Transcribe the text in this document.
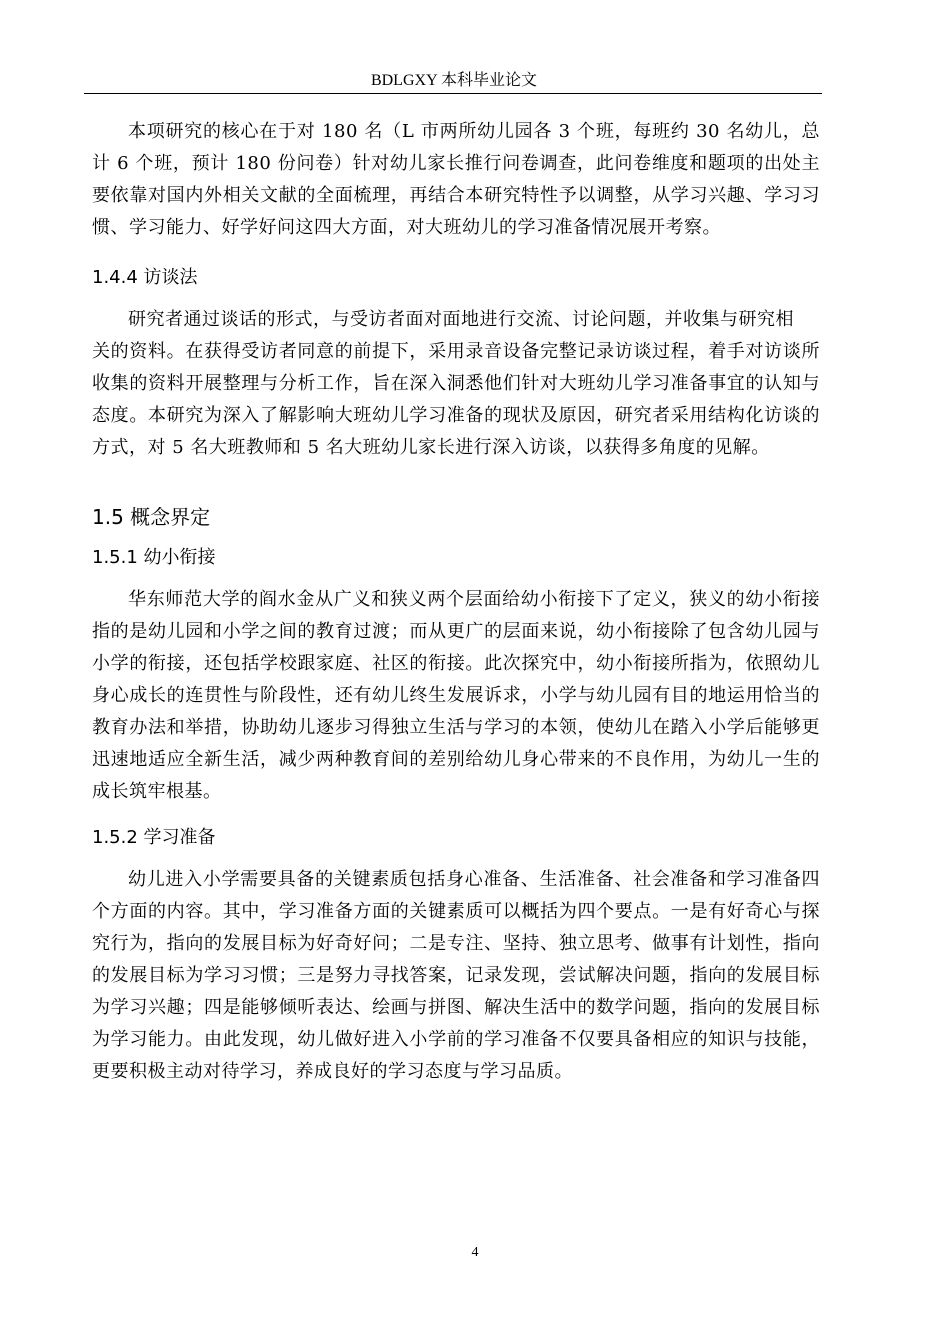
BDLGXY 本科毕业论文

本项研究的核心在于对 180 名（L 市两所幼儿园各 3 个班，每班约 30 名幼儿，总计 6 个班，预计 180 份问卷）针对幼儿家长推行问卷调查，此问卷维度和题项的出处主要依靠对国内外相关文献的全面梳理，再结合本研究特性予以调整，从学习兴趣、学习习惯、学习能力、好学好问这四大方面，对大班幼儿的学习准备情况展开考察。

1.4.4 访谈法

研究者通过谈话的形式，与受访者面对面地进行交流、讨论问题，并收集与研究相
关的资料。在获得受访者同意的前提下，采用录音设备完整记录访谈过程，着手对访谈所收集的资料开展整理与分析工作，旨在深入洞悉他们针对大班幼儿学习准备事宜的认知与态度。本研究为深入了解影响大班幼儿学习准备的现状及原因，研究者采用结构化访谈的方式，对 5 名大班教师和 5 名大班幼儿家长进行深入访谈，以获得多角度的见解。

1.5 概念界定
1.5.1 幼小衔接

华东师范大学的阎水金从广义和狭义两个层面给幼小衔接下了定义，狭义的幼小衔接指的是幼儿园和小学之间的教育过渡；而从更广的层面来说，幼小衔接除了包含幼儿园与小学的衔接，还包括学校跟家庭、社区的衔接。此次探究中，幼小衔接所指为，依照幼儿身心成长的连贯性与阶段性，还有幼儿终生发展诉求，小学与幼儿园有目的地运用恰当的教育办法和举措，协助幼儿逐步习得独立生活与学习的本领，使幼儿在踏入小学后能够更迅速地适应全新生活，减少两种教育间的差别给幼儿身心带来的不良作用，为幼儿一生的成长筑牢根基。

1.5.2 学习准备

幼儿进入小学需要具备的关键素质包括身心准备、生活准备、社会准备和学习准备四个方面的内容。其中，学习准备方面的关键素质可以概括为四个要点。一是有好奇心与探究行为，指向的发展目标为好奇好问；二是专注、坚持、独立思考、做事有计划性，指向的发展目标为学习习惯；三是努力寻找答案，记录发现，尝试解决问题，指向的发展目标为学习兴趣；四是能够倾听表达、绘画与拼图、解决生活中的数学问题，指向的发展目标为学习能力。由此发现，幼儿做好进入小学前的学习准备不仅要具备相应的知识与技能，更要积极主动对待学习，养成良好的学习态度与学习品质。

4
